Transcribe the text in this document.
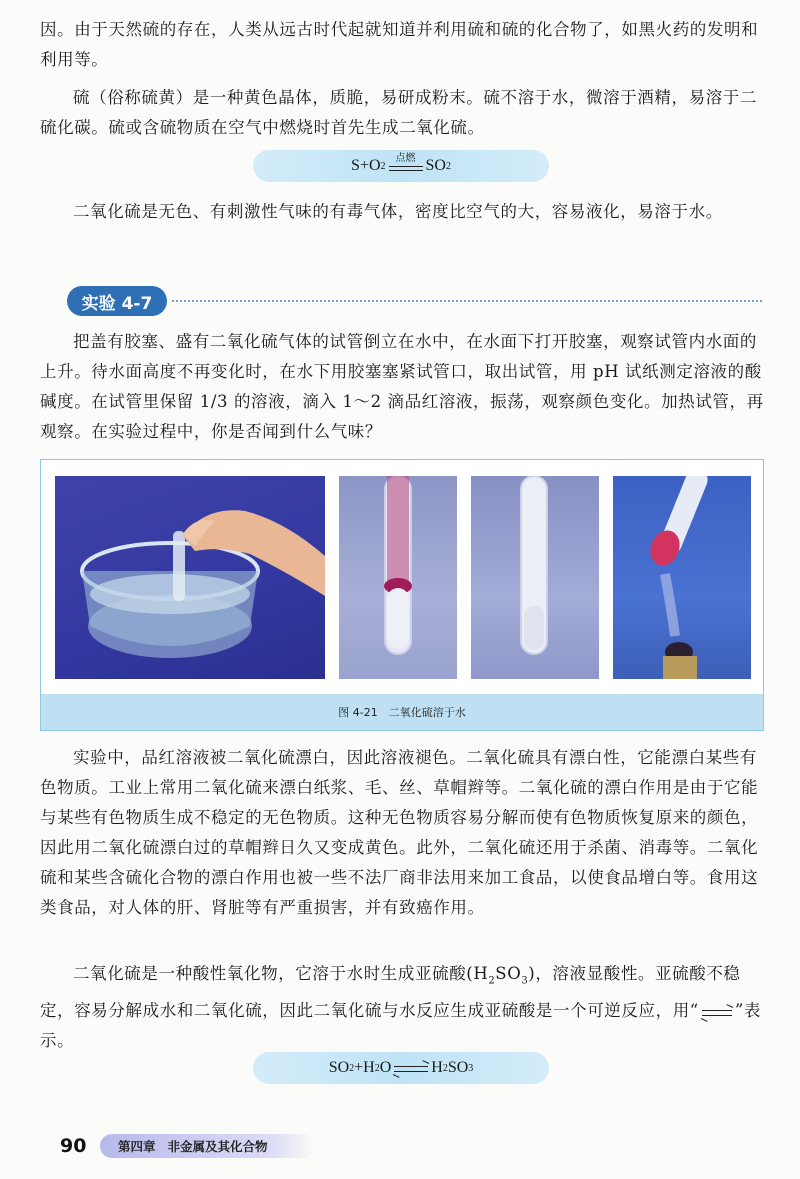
因。由于天然硫的存在，人类从远古时代起就知道并利用硫和硫的化合物了，如黑火药的发明和利用等。

硫（俗称硫黄）是一种黄色晶体，质脆，易研成粉末。硫不溶于水，微溶于酒精，易溶于二硫化碳。硫或含硫物质在空气中燃烧时首先生成二氧化硫。

S+O 2
点燃 SO 2

二氧化硫是无色、有刺激性气味的有毒气体，密度比空气的大，容易液化，易溶于水。

实验 4-7

把盖有胶塞、盛有二氧化硫气体的试管倒立在水中，在水面下打开胶塞，观察试管内水面的上升。待水面高度不再变化时，在水下用胶塞塞紧试管口，取出试管，用 pH 试纸测定溶液的酸碱度。在试管里保留 1/3 的溶液，滴入 1～2 滴品红溶液，振荡，观察颜色变化。加热试管，再观察。在实验过程中，你是否闻到什么气味？

图 4-21　二氧化硫溶于水

实验中，品红溶液被二氧化硫漂白，因此溶液褪色。二氧化硫具有漂白性，它能漂白某些有色物质。工业上常用二氧化硫来漂白纸浆、毛、丝、草帽辫等。二氧化硫的漂白作用是由于它能与某些有色物质生成不稳定的无色物质。这种无色物质容易分解而使有色物质恢复原来的颜色，因此用二氧化硫漂白过的草帽辫日久又变成黄色。此外，二氧化硫还用于杀菌、消毒等。二氧化硫和某些含硫化合物的漂白作用也被一些不法厂商非法用来加工食品，以使食品增白等。食用这类食品，对人体的肝、肾脏等有严重损害，并有致癌作用。

二氧化硫是一种酸性氧化物，它溶于水时生成亚硫酸$(H_2SO_3)$，溶液显酸性。亚硫酸不稳定，容易分解成水和二氧化硫，因此二氧化硫与水反应生成亚硫酸是一个可逆反应，用“ ⇌ ”表示。

SO 2 +H 2 O	H 2 SO 3
90	第四章 非金属及其化合物
